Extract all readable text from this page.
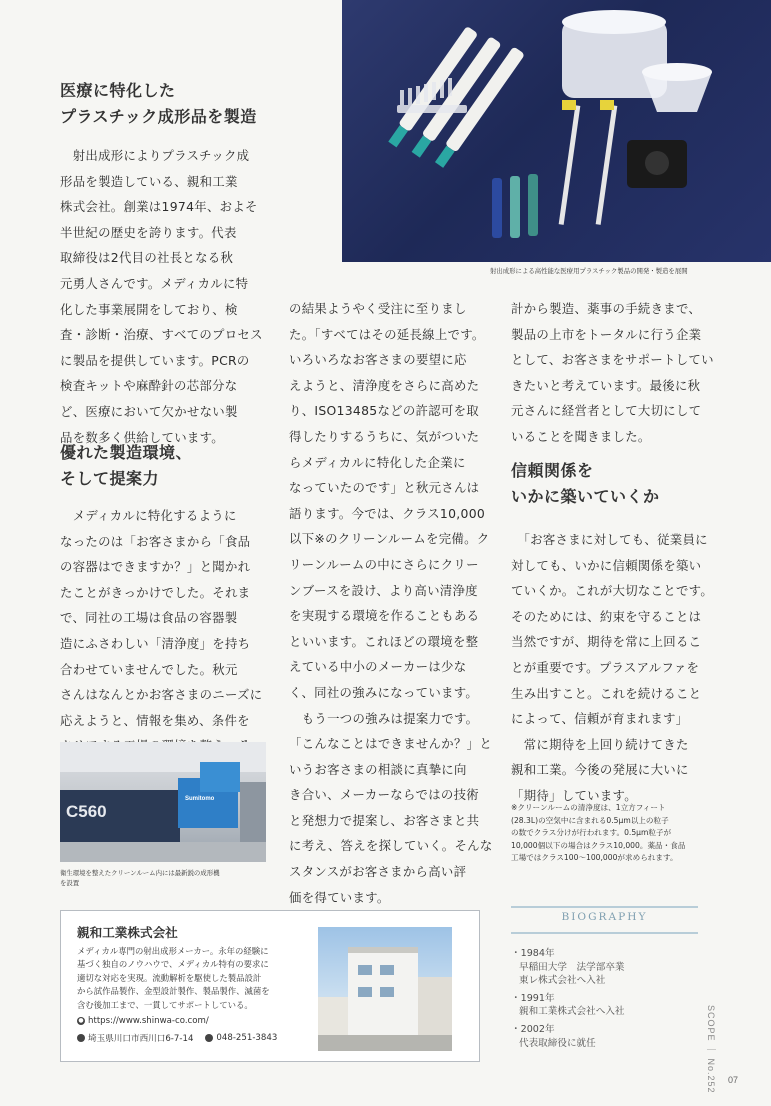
射出成形による高性能な医療用プラスチック製品の開発・製造を展開
医療に特化した
プラスチック成形品を製造
　射出成形によりプラスチック成
形品を製造している、親和工業
株式会社。創業は1974年、およそ
半世紀の歴史を誇ります。代表
取締役は2代目の社長となる秋
元勇人さんです。メディカルに特
化した事業展開をしており、検
査・診断・治療、すべてのプロセス
に製品を提供しています。PCRの
検査キットや麻酔針の芯部分な
ど、医療において欠かせない製
品を数多く供給しています。
優れた製造環境、
そして提案力
　メディカルに特化するように
なったのは「お客さまから「食品
の容器はできますか？」と聞かれ
たことがきっかけでした。それま
で、同社の工場は食品の容器製
造にふさわしい「清浄度」を持ち
合わせていませんでした。秋元
さんはなんとかお客さまのニーズに
応えようと、情報を集め、条件を

C560
Sumitomo
衛生環境を整えたクリーンルーム内には最新鋭の成形機
を設置
の結果ようやく受注に至りまし
た。「すべてはその延長線上です。
いろいろなお客さまの要望に応
えようと、清浄度をさらに高めた
り、ISO13485などの許認可を取
得したりするうちに、気がついた
らメディカルに特化した企業に
なっていたのです」と秋元さんは
語ります。今では、クラス10,000
以下※のクリーンルームを完備。ク
リーンルームの中にさらにクリー
ンブースを設け、より高い清浄度
を実現する環境を作ることもある
といいます。これほどの環境を整
えている中小のメーカーは少な
く、同社の強みになっています。
　もう一つの強みは提案力です。
「こんなことはできませんか？」と
いうお客さまの相談に真摯に向
き合い、メーカーならではの技術
と発想力で提案し、お客さまと共
に考え、答えを探していく。そんな
スタンスがお客さまから高い評
価を得ています。

計から製造、薬事の手続きまで、
製品の上市をトータルに行う企業
として、お客さまをサポートしてい
きたいと考えています。最後に秋
元さんに経営者として大切にして
いることを聞きました。
信頼関係を
いかに築いていくか
　「お客さまに対しても、従業員に
対しても、いかに信頼関係を築い
ていくか。これが大切なことです。
そのためには、約束を守ることは
当然ですが、期待を常に上回るこ
とが重要です。プラスアルファを
生み出すこと。これを続けること
によって、信頼が育まれます」
　常に期待を上回り続けてきた
親和工業。今後の発展に大いに
「期待」しています。
※クリーンルームの清浄度は、1立方フィート
(28.3L)の空気中に含まれる0.5μm以上の粒子
の数でクラス分けが行われます。0.5μm粒子が
10,000個以下の場合はクラス10,000。薬品・食品
工場ではクラス100〜100,000が求められます。
親和工業株式会社
メディカル専門の射出成形メーカー。永年の経験に
基づく独自のノウハウで、メディカル特有の要求に
適切な対応を実現。流動解析を駆使した製品設計
から試作品製作、金型設計製作、製品製作、滅菌を
含む後加工まで、一貫してサポートしている。
● https://www.shinwa-co.com/
埼玉県川口市西川口6-7-14	048-251-3843
BIOGRAPHY
・1984年
早稲田大学　法学部卒業
東レ株式会社へ入社
・1991年
親和工業株式会社へ入社
・2002年
代表取締役に就任	SCOPE ｜ No.252 07
